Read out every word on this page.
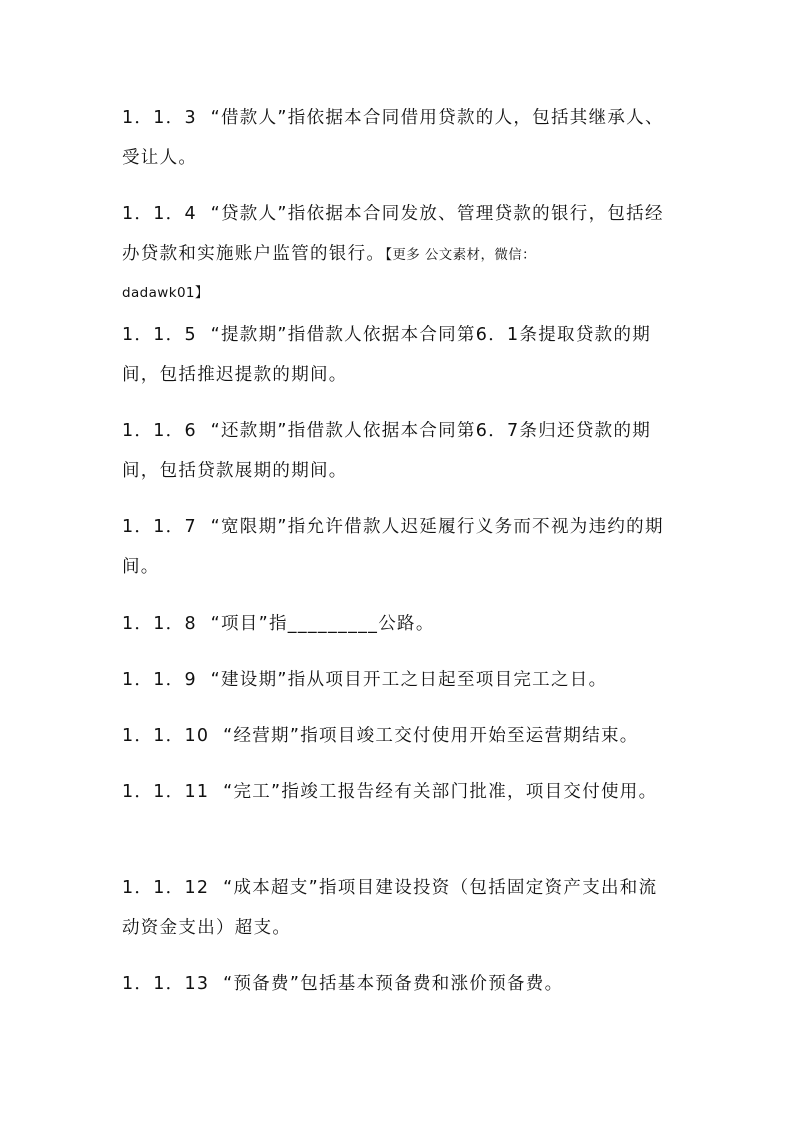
1．1．3 “借款人”指依据本合同借用贷款的人，包括其继承人、受让人。

1．1．4 “贷款人”指依据本合同发放、管理贷款的银行，包括经办贷款和实施账户监管的银行。【更多 公文素材，微信：
dadawk01】

1．1．5 “提款期”指借款人依据本合同第6．1条提取贷款的期间，包括推迟提款的期间。

1．1．6 “还款期”指借款人依据本合同第6．7条归还贷款的期间，包括贷款展期的期间。

1．1．7 “宽限期”指允许借款人迟延履行义务而不视为违约的期间。

1．1．8 “项目”指_________公路。

1．1．9 “建设期”指从项目开工之日起至项目完工之日。

1．1．10 “经营期”指项目竣工交付使用开始至运营期结束。

1．1．11 “完工”指竣工报告经有关部门批准，项目交付使用。

1．1．12 “成本超支”指项目建设投资（包括固定资产支出和流动资金支出）超支。

1．1．13 “预备费”包括基本预备费和涨价预备费。
